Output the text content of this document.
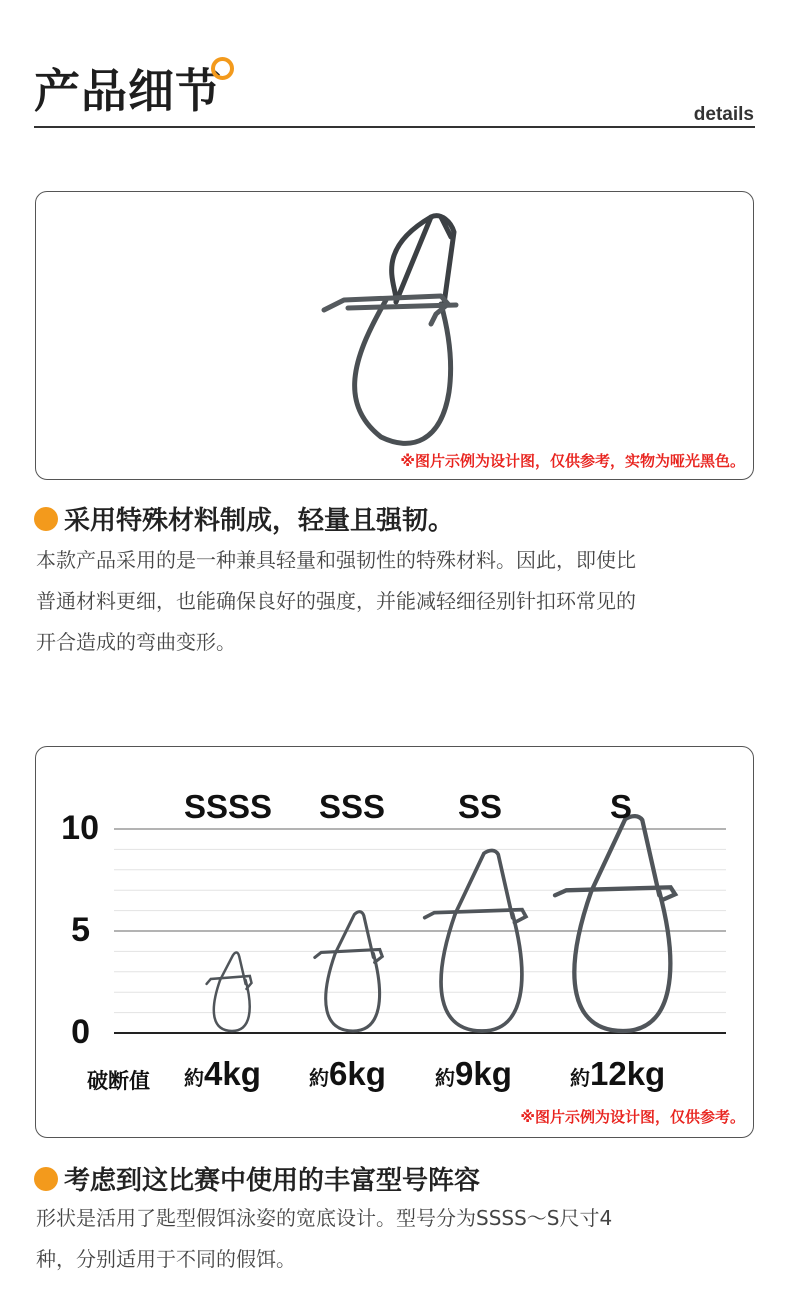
产品细节	details
※图片示例为设计图，仅供参考，实物为哑光黑色。
采用特殊材料制成，轻量且强韧。
本款产品采用的是一种兼具轻量和强韧性的特殊材料。因此，即使比
普通材料更细，也能确保良好的强度，并能减轻细径别针扣环常见的
开合造成的弯曲变形。
10
5
0
SSSS	SSS	SS	S
破断值 約4kg 約6kg 約9kg	約12kg
※图片示例为设计图，仅供参考。
考虑到这比赛中使用的丰富型号阵容
形状是活用了匙型假饵泳姿的宽底设计。型号分为SSSS～S尺寸4
种，分别适用于不同的假饵。
